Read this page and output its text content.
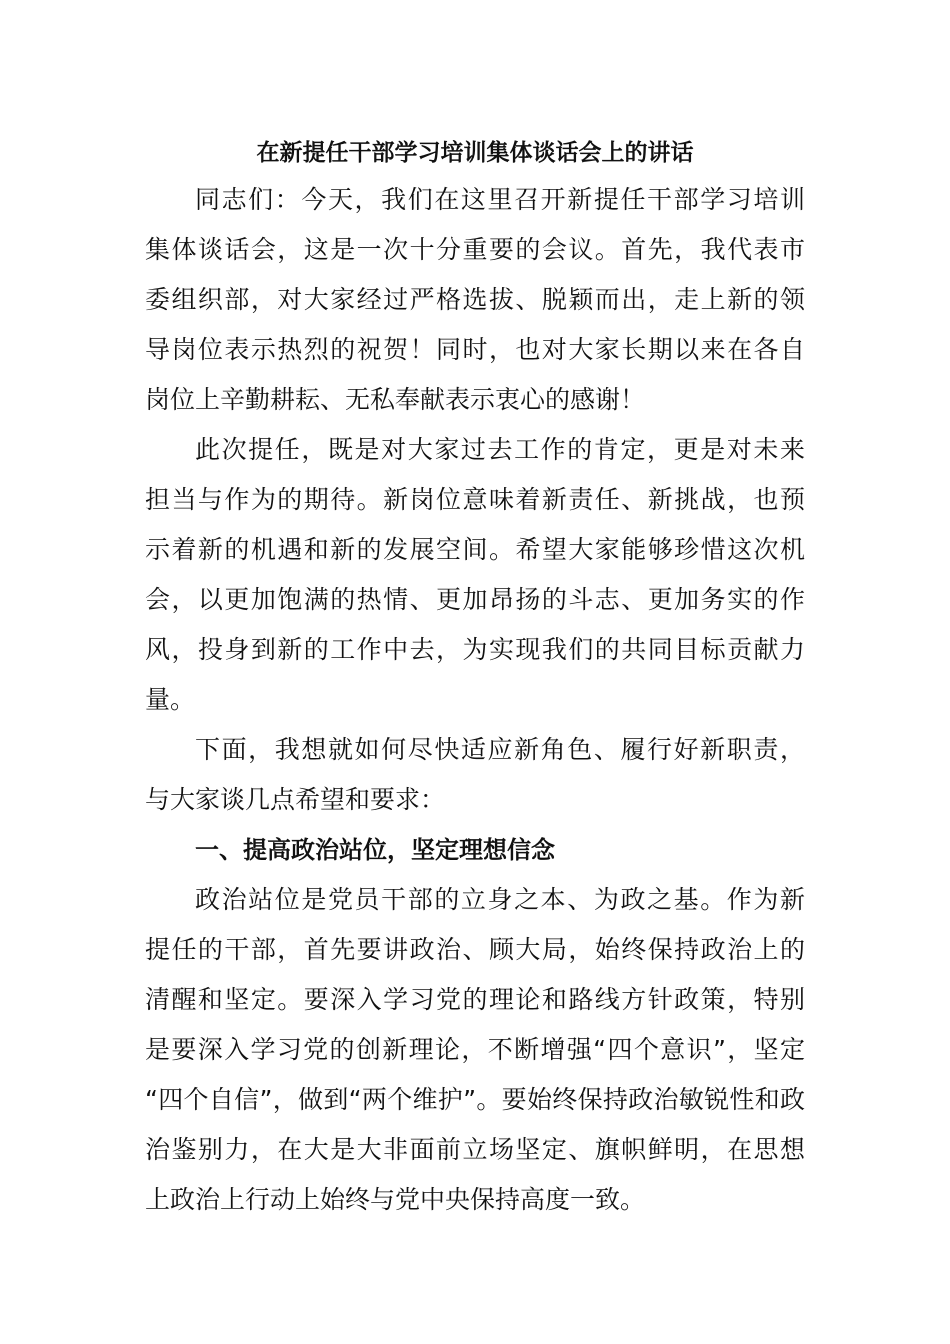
在新提任干部学习培训集体谈话会上的讲话
同志们：今天，我们在这里召开新提任干部学习培训
集体谈话会，这是一次十分重要的会议。首先，我代表市
委组织部，对大家经过严格选拔、脱颖而出，走上新的领
导岗位表示热烈的祝贺！同时，也对大家长期以来在各自
岗位上辛勤耕耘、无私奉献表示衷心的感谢！
此次提任，既是对大家过去工作的肯定，更是对未来
担当与作为的期待。新岗位意味着新责任、新挑战，也预
示着新的机遇和新的发展空间。希望大家能够珍惜这次机
会，以更加饱满的热情、更加昂扬的斗志、更加务实的作
风，投身到新的工作中去，为实现我们的共同目标贡献力
量。
下面，我想就如何尽快适应新角色、履行好新职责，
与大家谈几点希望和要求：
一、提高政治站位，坚定理想信念
政治站位是党员干部的立身之本、为政之基。作为新
提任的干部，首先要讲政治、顾大局，始终保持政治上的
清醒和坚定。要深入学习党的理论和路线方针政策，特别
是要深入学习党的创新理论，不断增强“四个意识”，坚定
“四个自信”，做到“两个维护”。要始终保持政治敏锐性和政
治鉴别力，在大是大非面前立场坚定、旗帜鲜明，在思想
上政治上行动上始终与党中央保持高度一致。
